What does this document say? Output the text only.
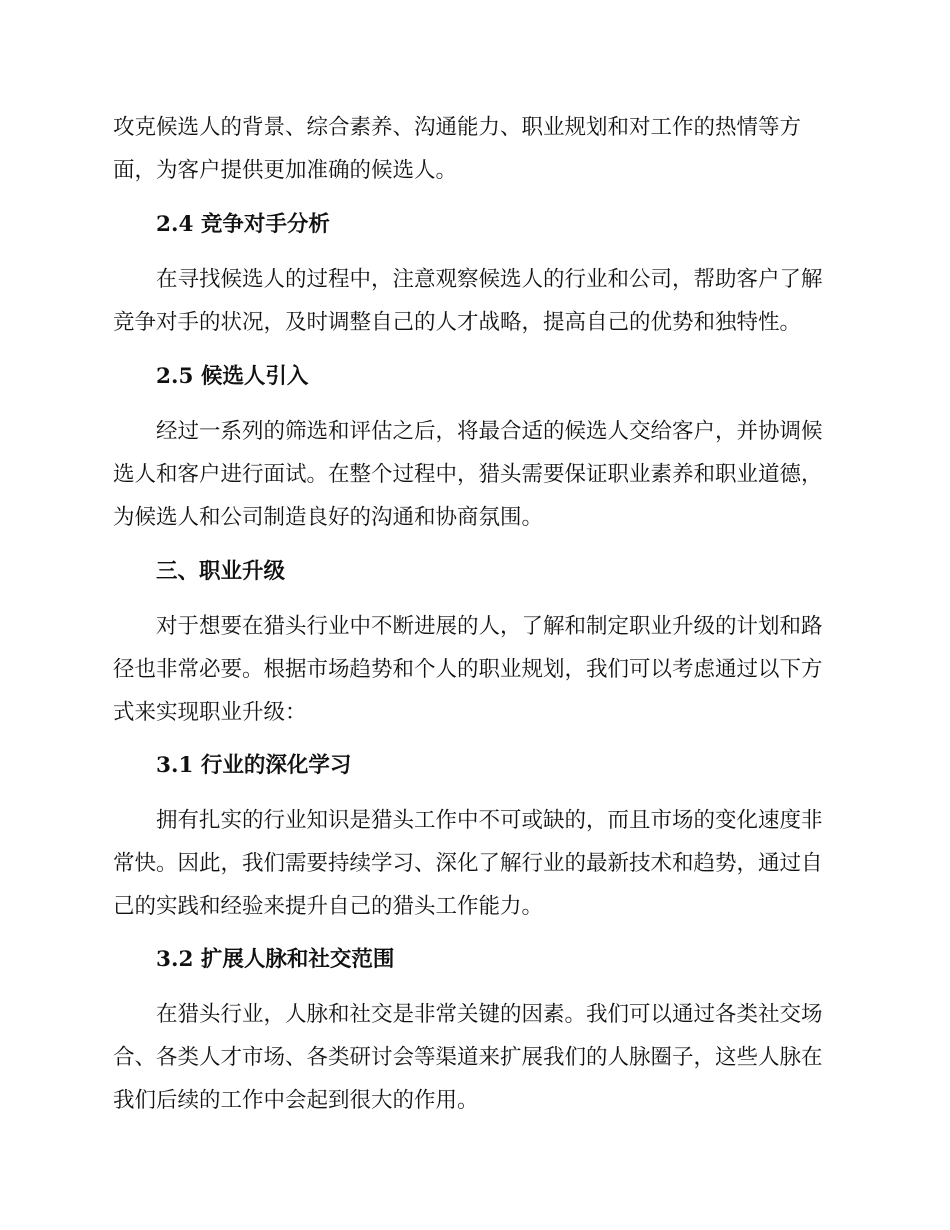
攻克候选人的背景、综合素养、沟通能力、职业规划和对工作的热情等方
面，为客户提供更加准确的候选人。
2.4 竞争对手分析
在寻找候选人的过程中，注意观察候选人的行业和公司，帮助客户了解
竞争对手的状况，及时调整自己的人才战略，提高自己的优势和独特性。
2.5 候选人引入
经过一系列的筛选和评估之后，将最合适的候选人交给客户，并协调候
选人和客户进行面试。在整个过程中，猎头需要保证职业素养和职业道德，
为候选人和公司制造良好的沟通和协商氛围。
三、职业升级
对于想要在猎头行业中不断进展的人，了解和制定职业升级的计划和路
径也非常必要。根据市场趋势和个人的职业规划，我们可以考虑通过以下方
式来实现职业升级：
3.1 行业的深化学习
拥有扎实的行业知识是猎头工作中不可或缺的，而且市场的变化速度非
常快。因此，我们需要持续学习、深化了解行业的最新技术和趋势，通过自
己的实践和经验来提升自己的猎头工作能力。
3.2 扩展人脉和社交范围
在猎头行业，人脉和社交是非常关键的因素。我们可以通过各类社交场
合、各类人才市场、各类研讨会等渠道来扩展我们的人脉圈子，这些人脉在
我们后续的工作中会起到很大的作用。
